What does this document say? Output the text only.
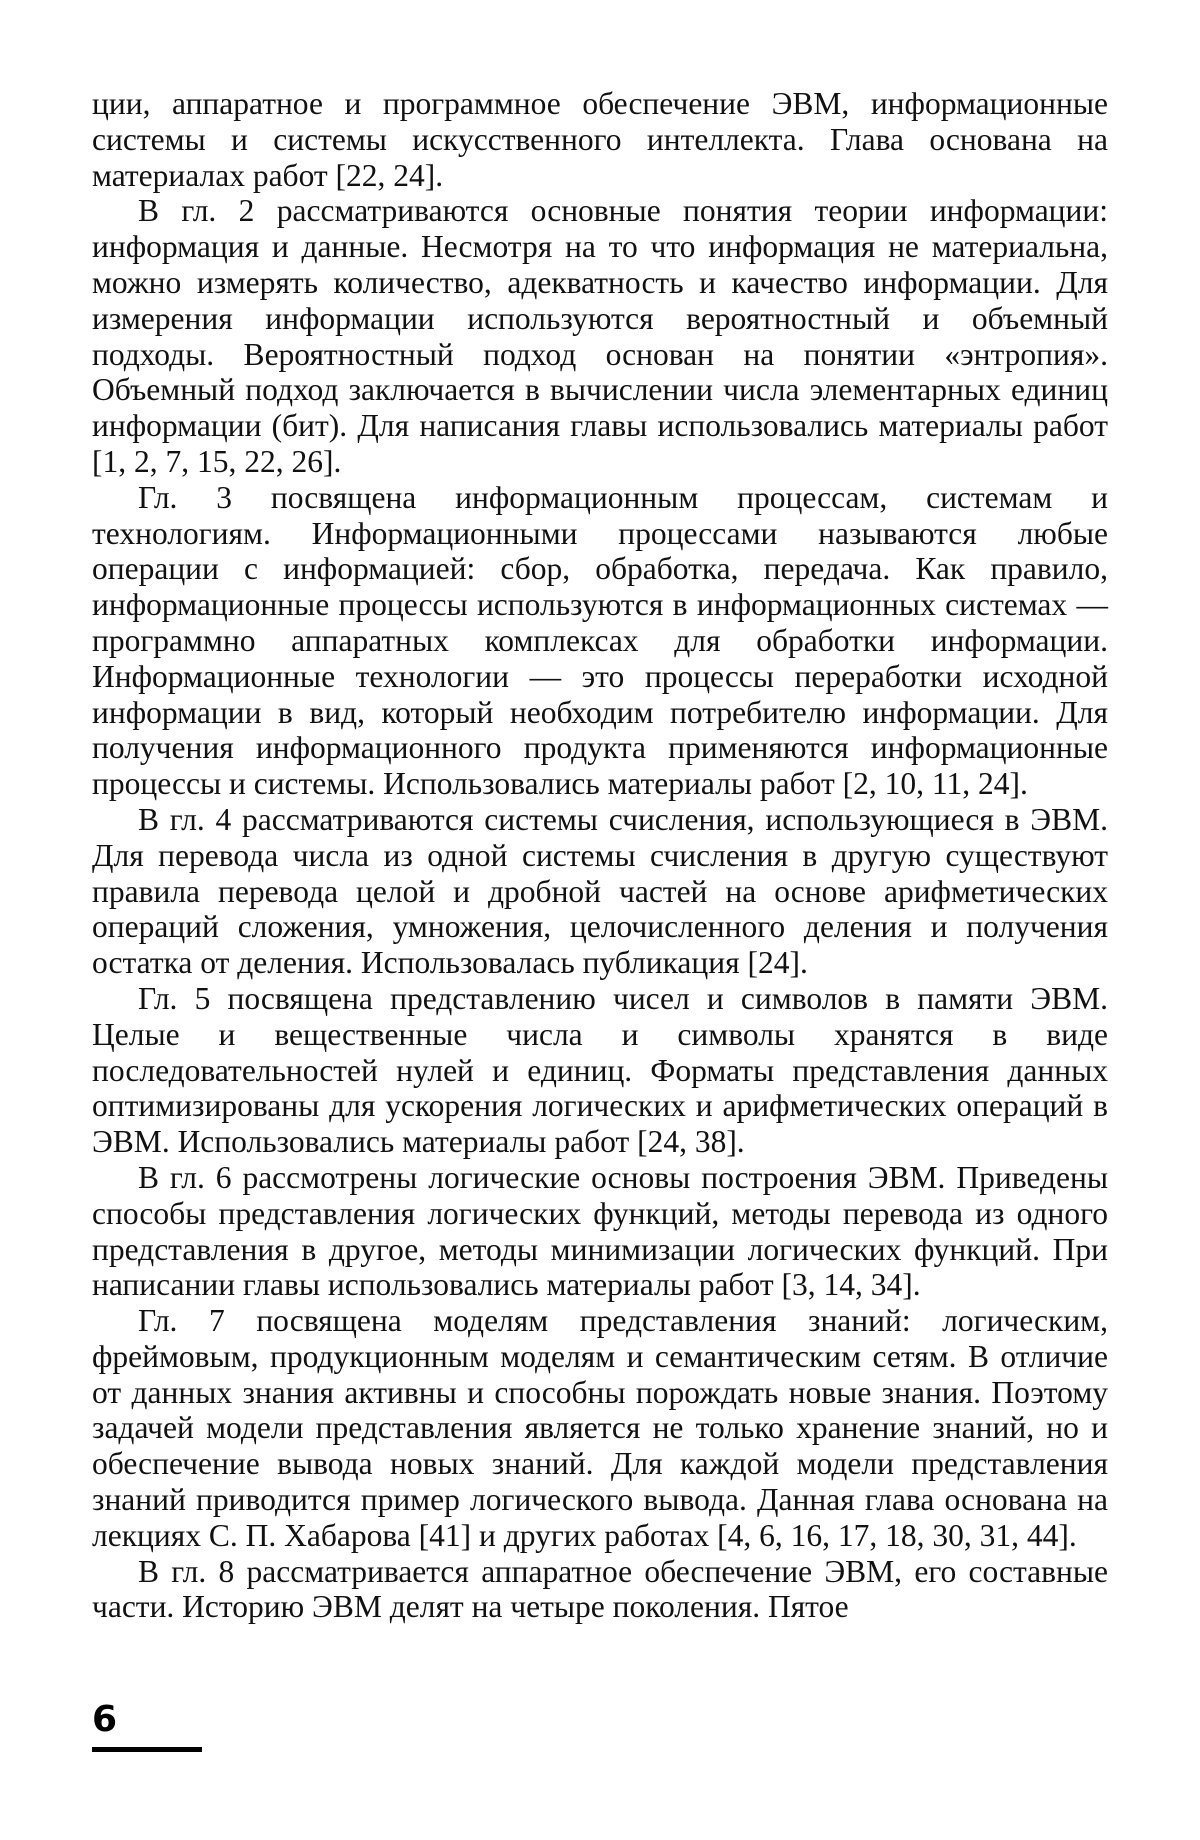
ции, аппаратное и программное обеспечение ЭВМ, информационные системы и системы искусственного интеллекта. Глава основана на материалах работ [22, 24].

В гл. 2 рассматриваются основные понятия теории информации: информация и данные. Несмотря на то что информация не материальна, можно измерять количество, адекватность и качество информации. Для измерения информации используются вероятностный и объемный подходы. Вероятностный подход основан на понятии «энтропия». Объемный подход заключается в вычислении числа элементарных единиц информации (бит). Для написания главы использовались материалы работ [1, 2, 7, 15, 22, 26].

Гл. 3 посвящена информационным процессам, системам и технологиям. Информационными процессами называются любые операции с информацией: сбор, обработка, передача. Как правило, информационные процессы используются в информационных системах — программно аппаратных комплексах для обработки информации. Информационные технологии — это процессы переработки исходной информации в вид, который необходим потребителю информации. Для получения информационного продукта применяются информационные процессы и системы. Использовались материалы работ [2, 10, 11, 24].

В гл. 4 рассматриваются системы счисления, использующиеся в ЭВМ. Для перевода числа из одной системы счисления в другую существуют правила перевода целой и дробной частей на основе арифметических операций сложения, умножения, целочисленного деления и получения остатка от деления. Использовалась публикация [24].

Гл. 5 посвящена представлению чисел и символов в памяти ЭВМ. Целые и вещественные числа и символы хранятся в виде последовательностей нулей и единиц. Форматы представления данных оптимизированы для ускорения логических и арифметических операций в ЭВМ. Использовались материалы работ [24, 38].

В гл. 6 рассмотрены логические основы построения ЭВМ. Приведены способы представления логических функций, методы перевода из одного представления в другое, методы минимизации логических функций. При написании главы использовались материалы работ [3, 14, 34].

Гл. 7 посвящена моделям представления знаний: логическим, фреймовым, продукционным моделям и семантическим сетям. В отличие от данных знания активны и способны порождать новые знания. Поэтому задачей модели представления является не только хранение знаний, но и обеспечение вывода новых знаний. Для каждой модели представления знаний приводится пример логического вывода. Данная глава основана на лекциях С. П. Хабарова [41] и других работах [4, 6, 16, 17, 18, 30, 31, 44].

В гл. 8 рассматривается аппаратное обеспечение ЭВМ, его составные части. Историю ЭВМ делят на четыре поколения. Пятое

6
